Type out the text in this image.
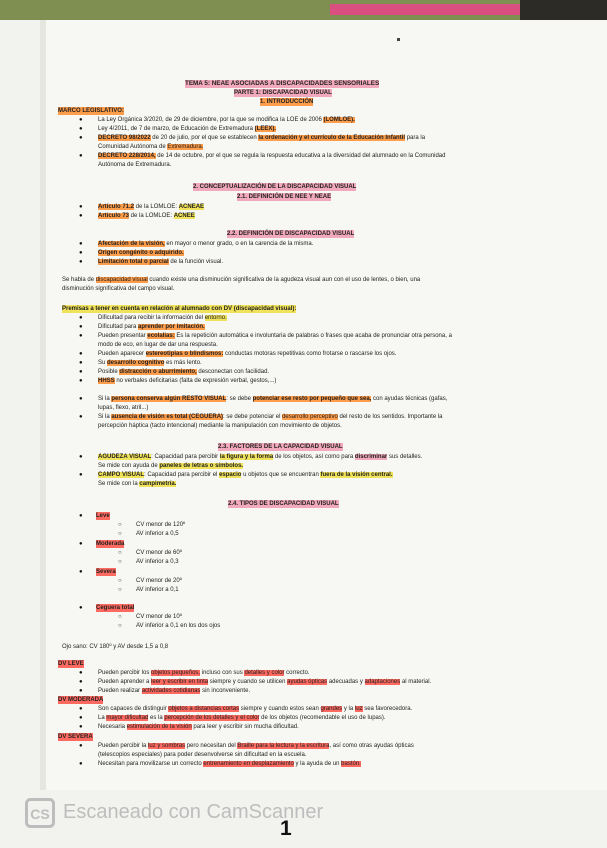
TEMA 5: NEAE ASOCIADAS A DISCAPACIDADES SENSORIALES
PARTE 1: DISCAPACIDAD VISUAL
1. INTRODUCCIÓN
MARCO LEGISLATIVO:
●	La Ley Orgánica 3/2020, de 29 de diciembre, por la que se modifica la LOE de 2006 (LOMLOE).
●	Ley 4/2011, de 7 de marzo, de Educación de Extremadura (LEEX).
●	DECRETO 98/2022 de 20 de julio, por el que se establecen la ordenación y el currículo de la Educación Infantil para la
Comunidad Autónoma de Extremadura.
●	DECRETO 228/2014, de 14 de octubre, por el que se regula la respuesta educativa a la diversidad del alumnado en la Comunidad
Autónoma de Extremadura.
2. CONCEPTUALIZACIÓN DE LA DISCAPACIDAD VISUAL
2.1. DEFINICIÓN DE NEE Y NEAE
●	Artículo 71.2 de la LOMLOE: ACNEAE
●	Artículo 73 de la LOMLOE: ACNEE
2.2. DEFINICIÓN DE DISCAPACIDAD VISUAL
●	Afectación de la visión, en mayor o menor grado, o en la carencia de la misma.
●	Origen congénito o adquirido.
●	Limitación total o parcial de la función visual.
Se habla de discapacidad visual cuando existe una disminución significativa de la agudeza visual aun con el uso de lentes, o bien, una
disminución significativa del campo visual.
Premisas a tener en cuenta en relación al alumnado con DV (discapacidad visual):
●	Dificultad para recibir la información del entorno.
●	Dificultad para aprender por imitación.
●	Pueden presentar ecolalias: Es la repetición automática e involuntaria de palabras o frases que acaba de pronunciar otra persona, a
modo de eco, en lugar de dar una respuesta.
●	Pueden aparecer estereotipias o blindismos: conductas motoras repetitivas como frotarse o rascarse los ojos.
●	Su desarrollo cognitivo es más lento.
●	Posible distracción o aburrimiento, desconectan con facilidad.
●	HHSS no verbales deficitarias (falta de expresión verbal, gestos,...)
●	Si la persona conserva algún RESTO VISUAL: se debe potenciar ese resto por pequeño que sea, con ayudas técnicas (gafas,
lupas, flexo, atril...)
●	Si la ausencia de visión es total (CEGUERA): se debe potenciar el desarrollo perceptivo del resto de los sentidos. Importante la
percepción háptica (tacto intencional) mediante la manipulación con movimiento de objetos.
2.3. FACTORES DE LA CAPACIDAD VISUAL
●	AGUDEZA VISUAL: Capacidad para percibir la figura y la forma de los objetos, así como para discriminar sus detalles.
Se mide con ayuda de paneles de letras o símbolos.
●	CAMPO VISUAL: Capacidad para percibir el espacio u objetos que se encuentran fuera de la visión central.
Se mide con la campimetría.
2.4. TIPOS DE DISCAPACIDAD VISUAL
● Leve
○ CV menor de 120º
○ AV inferior a 0,5
● Moderada
○ CV menor de 60º
○ AV inferior a 0,3
● Severa
○ CV menor de 20º
○ AV inferior a 0,1
● Ceguera total
○ CV menor de 10º
○ AV inferior a 0,1 en los dos ojos
Ojo sano: CV 180º y AV desde 1,5 a 0,8
DV LEVE
●	Pueden percibir los objetos pequeños, incluso con sus detalles y color correcto.
●	Pueden aprender a leer y escribir en tinta siempre y cuando se utilicen ayudas ópticas adecuadas y adaptaciones al material.
●	Pueden realizar actividades cotidianas sin inconveniente.
DV MODERADA
●	Son capaces de distinguir objetos a distancias cortas siempre y cuando estos sean grandes y la luz sea favorecedora.
●	La mayor dificultad es la percepción de los detalles y el color de los objetos (recomendable el uso de lupas).
●	Necesaria estimulación de la visión para leer y escribir sin mucha dificultad.
DV SEVERA
●	Pueden percibir la luz y sombras pero necesitan del Braille para la lectura y la escritura, así como otras ayudas ópticas
(telescopios especiales) para poder desenvolverse sin dificultad en la escuela.
●	Necesitan para movilizarse un correcto entrenamiento en desplazamiento y la ayuda de un bastón.
CS Escaneado con CamScanner
1
